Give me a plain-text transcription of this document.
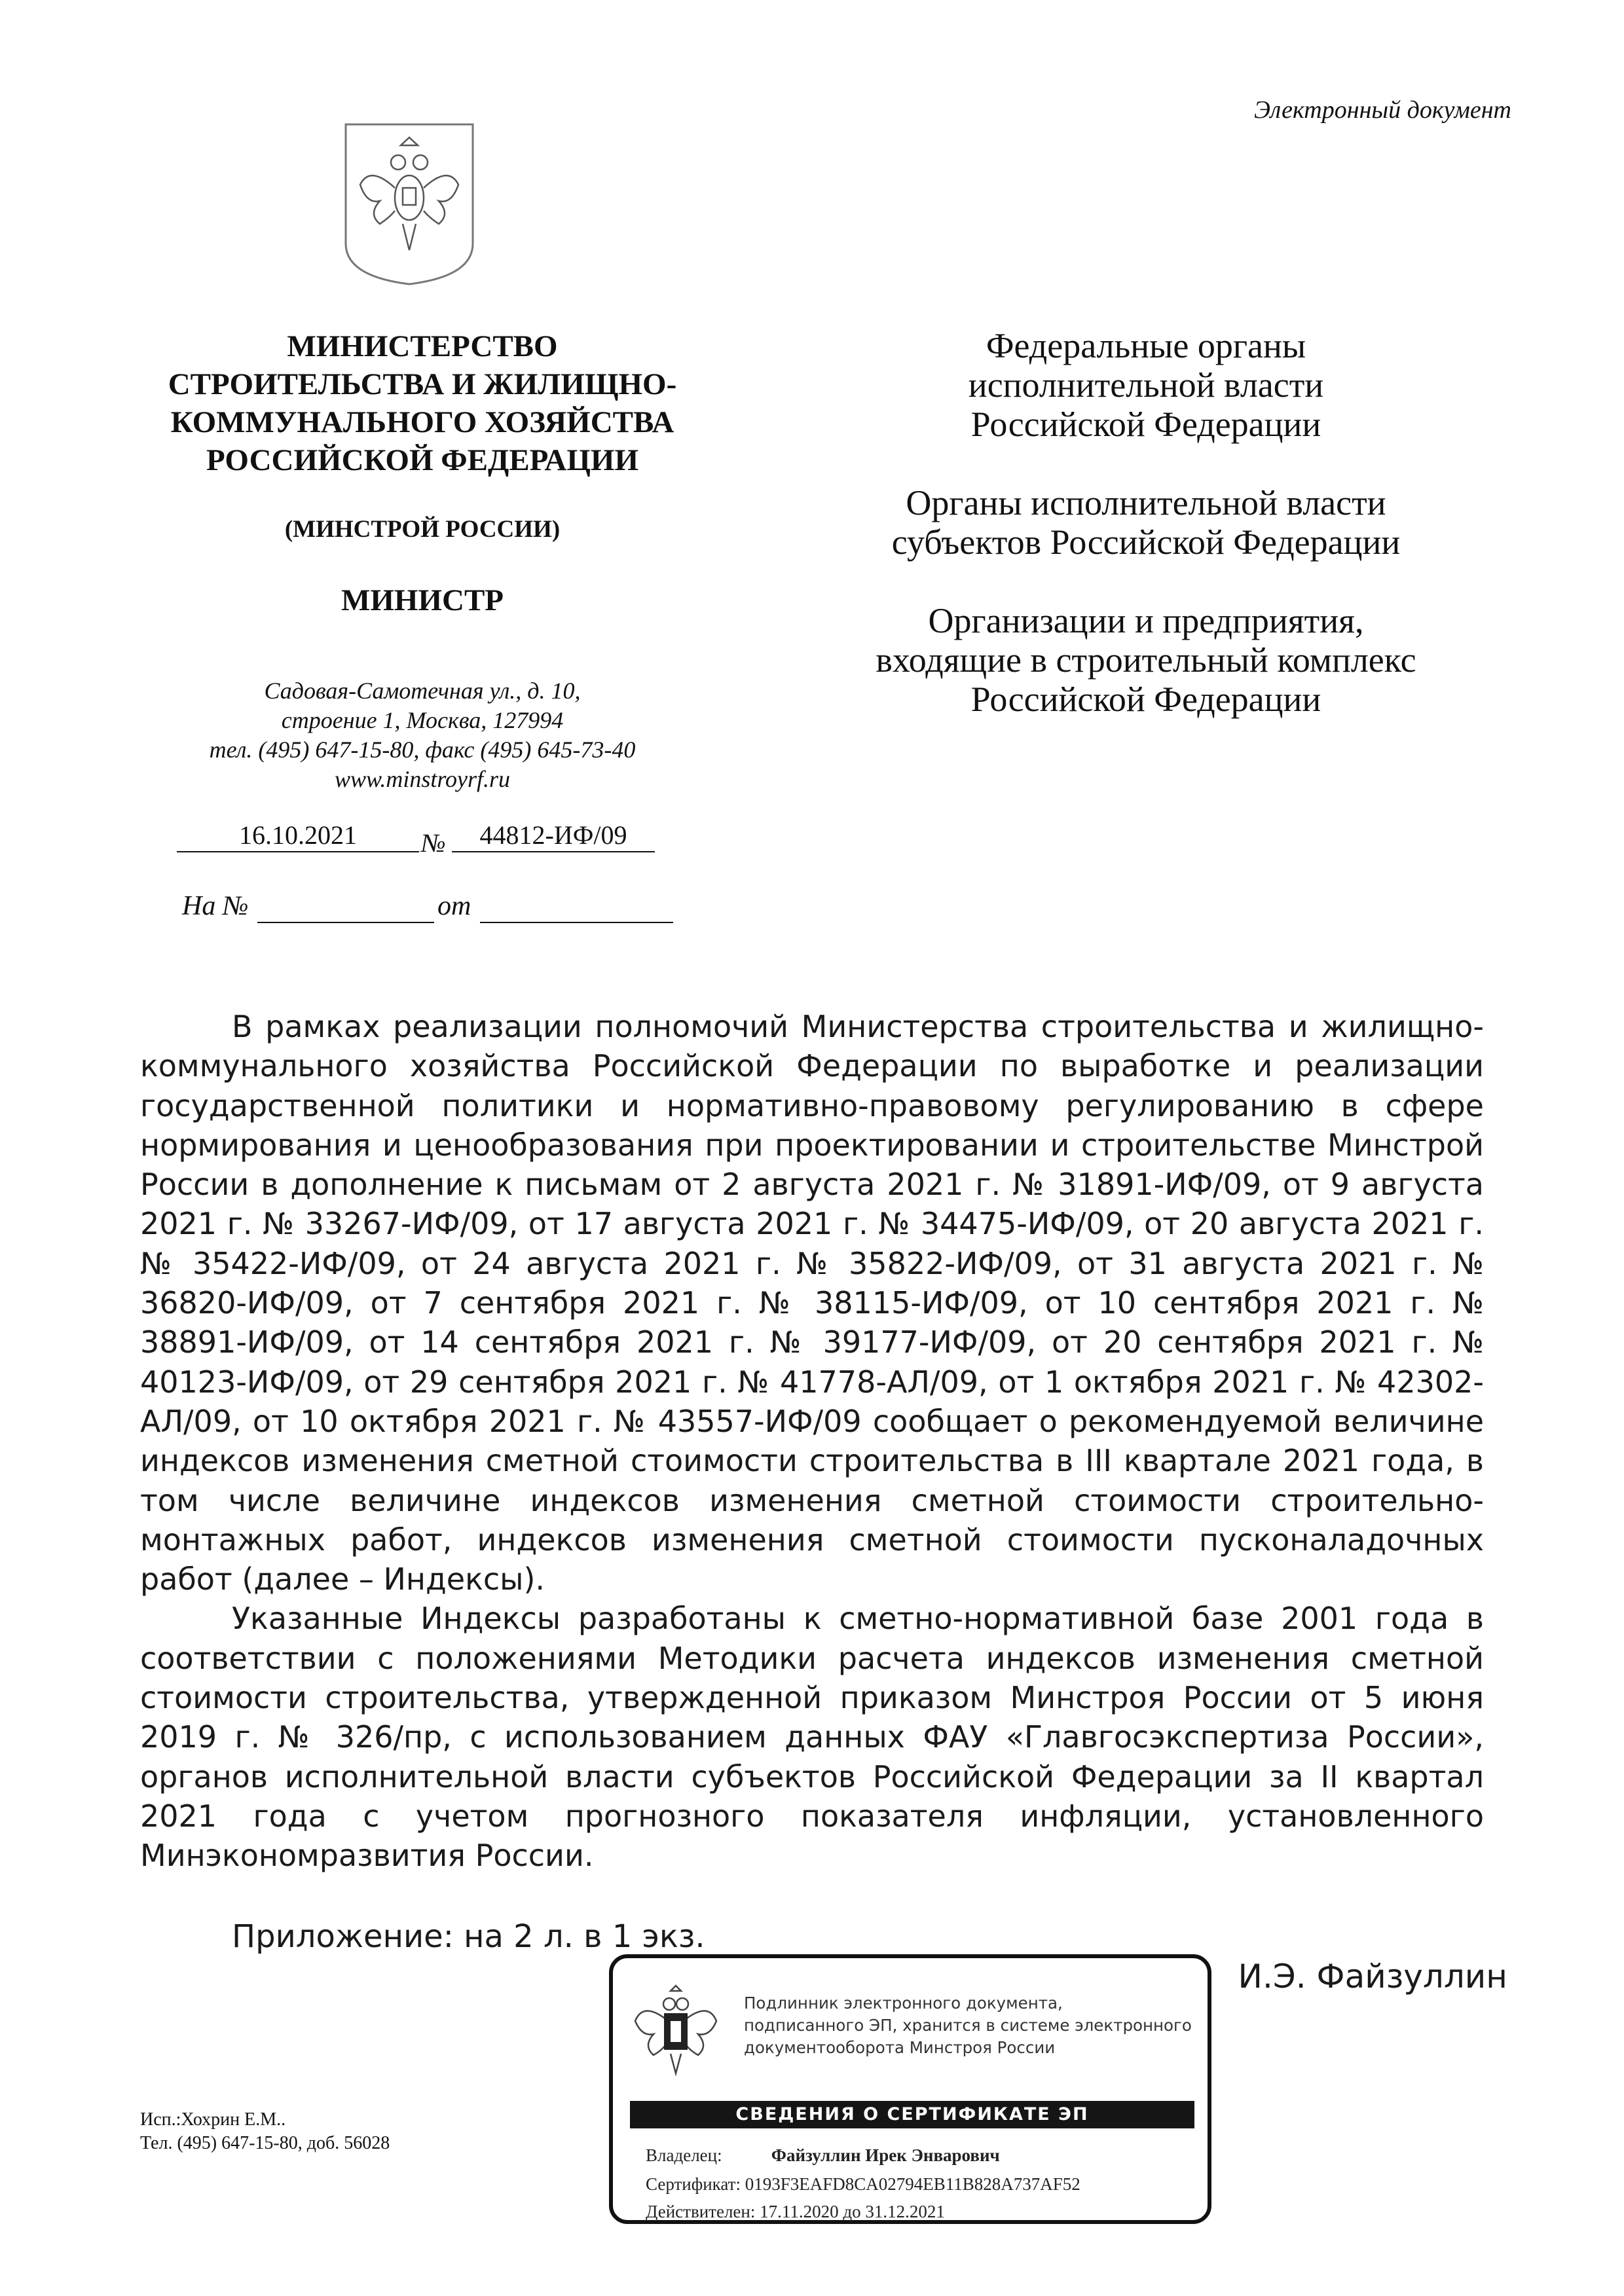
Электронный документ
МИНИСТЕРСТВО
СТРОИТЕЛЬСТВА И ЖИЛИЩНО-
КОММУНАЛЬНОГО ХОЗЯЙСТВА
РОССИЙСКОЙ ФЕДЕРАЦИИ
(МИНСТРОЙ РОССИИ)
МИНИСТР
Садовая-Самотечная ул., д. 10,
строение 1, Москва, 127994
тел. (495) 647-15-80, факс (495) 645-73-40
www.minstroyrf.ru
16.10.2021	№	44812-ИФ/09
На №	от
Федеральные органы
исполнительной власти
Российской Федерации
Органы исполнительной власти
субъектов Российской Федерации
Организации и предприятия,
входящие в строительный комплекс
Российской Федерации

В рамках реализации полномочий Министерства строительства и жилищно-коммунального хозяйства Российской Федерации по выработке и реализации государственной политики и нормативно-правовому регулированию в сфере нормирования и ценообразования при проектировании и строительстве Минстрой России в дополнение к письмам от 2 августа 2021 г. № 31891-ИФ/09, от 9 августа 2021 г. № 33267-ИФ/09, от 17 августа 2021 г. № 34475-ИФ/09, от 20 августа 2021 г. № 35422-ИФ/09, от 24 августа 2021 г. № 35822-ИФ/09, от 31 августа 2021 г. № 36820-ИФ/09, от 7 сентября 2021 г. № 38115-ИФ/09, от 10 сентября 2021 г. № 38891-ИФ/09, от 14 сентября 2021 г. № 39177-ИФ/09, от 20 сентября 2021 г. № 40123-ИФ/09, от 29 сентября 2021 г. № 41778-АЛ/09, от 1 октября 2021 г. № 42302-АЛ/09, от 10 октября 2021 г. № 43557-ИФ/09 сообщает о рекомендуемой величине индексов изменения сметной стоимости строительства в III квартале 2021 года, в том числе величине индексов изменения сметной стоимости строительно-монтажных работ, индексов изменения сметной стоимости пусконаладочных работ (далее – Индексы).

Указанные Индексы разработаны к сметно-нормативной базе 2001 года в соответствии с положениями Методики расчета индексов изменения сметной стоимости строительства, утвержденной приказом Минстроя России от 5 июня 2019 г. № 326/пр, с использованием данных ФАУ «Главгосэкспертиза России», органов исполнительной власти субъектов Российской Федерации за II квартал 2021 года с учетом прогнозного показателя инфляции, установленного Минэкономразвития России.

Приложение: на 2 л. в 1 экз.
И.Э. Файзуллин
Исп.:Хохрин Е.М..
Тел. (495) 647-15-80, доб. 56028
Подлинник электронного документа,
подписанного ЭП, хранится в системе электронного
документооборота Минстроя России
СВЕДЕНИЯ О СЕРТИФИКАТЕ ЭП
Владелец:	Файзуллин Ирек Энварович
Сертификат: 0193F3EAFD8CA02794EB11B828A737AF52
Действителен: 17.11.2020 до 31.12.2021
